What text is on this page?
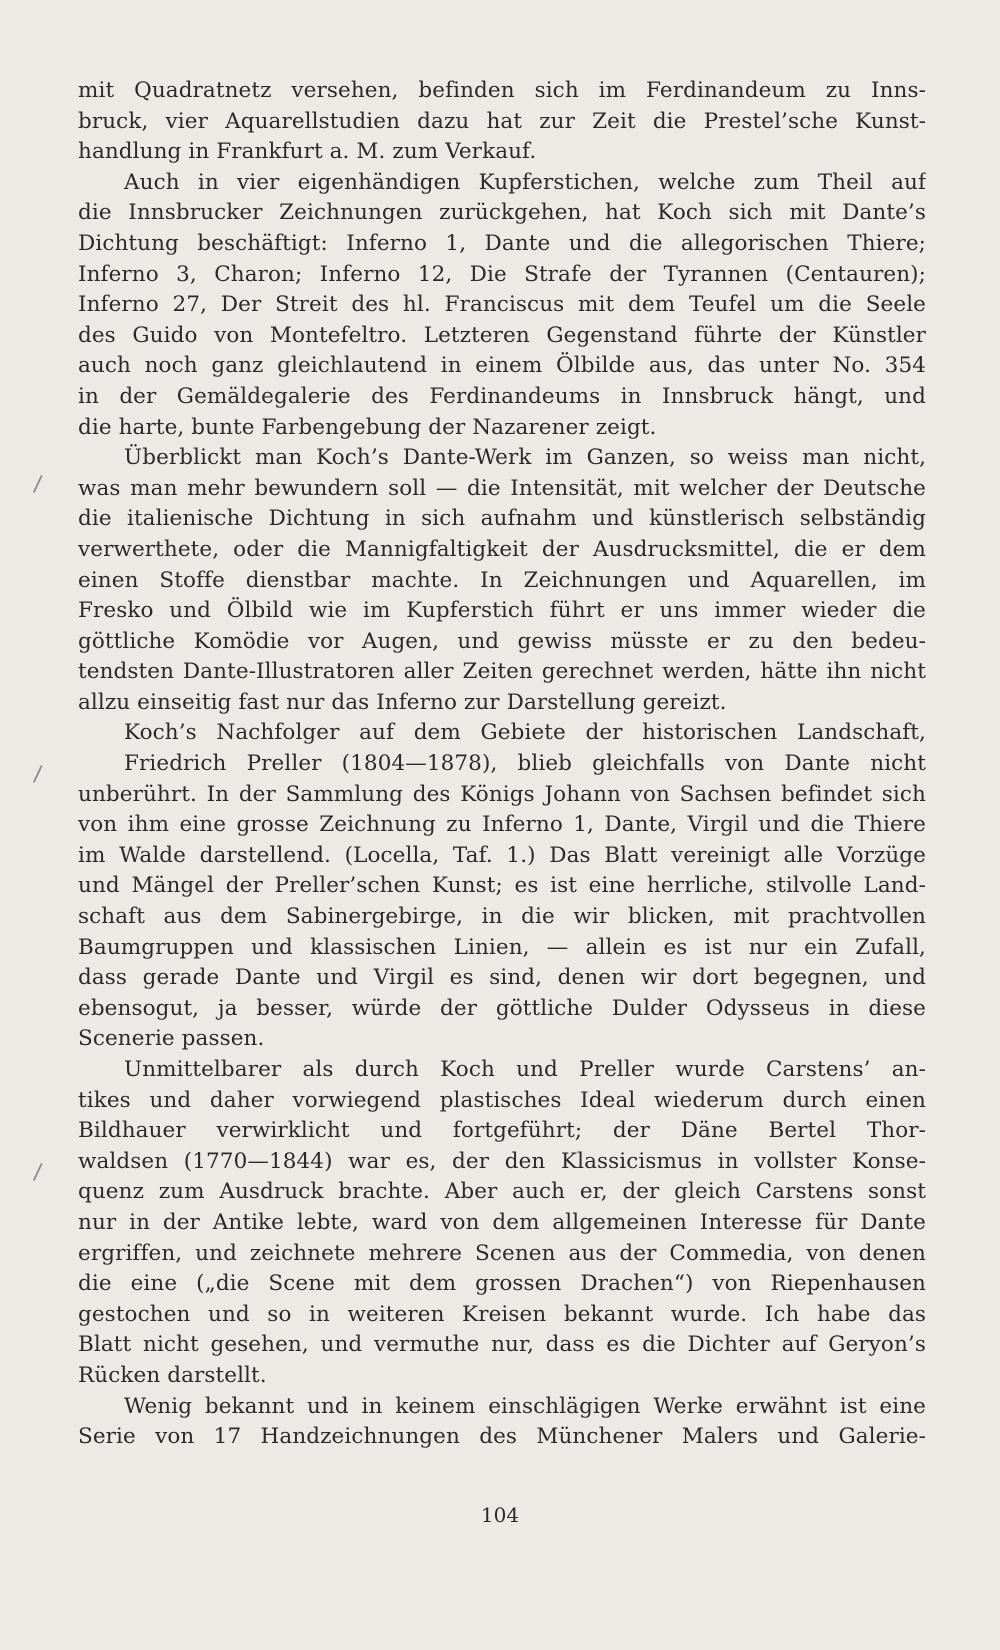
mit Quadratnetz versehen, befinden sich im Ferdinandeum zu Inns-
bruck, vier Aquarellstudien dazu hat zur Zeit die Prestel’sche Kunst-
handlung in Frankfurt a. M. zum Verkauf.
Auch in vier eigenhändigen Kupferstichen, welche zum Theil auf
die Innsbrucker Zeichnungen zurückgehen, hat Koch sich mit Dante’s
Dichtung beschäftigt: Inferno 1, Dante und die allegorischen Thiere;
Inferno 3, Charon; Inferno 12, Die Strafe der Tyrannen (Centauren);
Inferno 27, Der Streit des hl. Franciscus mit dem Teufel um die Seele
des Guido von Montefeltro. Letzteren Gegenstand führte der Künstler
auch noch ganz gleichlautend in einem Ölbilde aus, das unter No. 354
in der Gemäldegalerie des Ferdinandeums in Innsbruck hängt, und
die harte, bunte Farbengebung der Nazarener zeigt.
Überblickt man Koch’s Dante-Werk im Ganzen, so weiss man nicht,
was man mehr bewundern soll — die Intensität, mit welcher der Deutsche
die italienische Dichtung in sich aufnahm und künstlerisch selbständig
verwerthete, oder die Mannigfaltigkeit der Ausdrucksmittel, die er dem
einen Stoffe dienstbar machte. In Zeichnungen und Aquarellen, im
Fresko und Ölbild wie im Kupferstich führt er uns immer wieder die
göttliche Komödie vor Augen, und gewiss müsste er zu den bedeu-
tendsten Dante-Illustratoren aller Zeiten gerechnet werden, hätte ihn nicht
allzu einseitig fast nur das Inferno zur Darstellung gereizt.
Koch’s Nachfolger auf dem Gebiete der historischen Landschaft,
Friedrich Preller (1804—1878), blieb gleichfalls von Dante nicht
unberührt. In der Sammlung des Königs Johann von Sachsen befindet sich
von ihm eine grosse Zeichnung zu Inferno 1, Dante, Virgil und die Thiere
im Walde darstellend. (Locella, Taf. 1.) Das Blatt vereinigt alle Vorzüge
und Mängel der Preller’schen Kunst; es ist eine herrliche, stilvolle Land-
schaft aus dem Sabinergebirge, in die wir blicken, mit prachtvollen
Baumgruppen und klassischen Linien, — allein es ist nur ein Zufall,
dass gerade Dante und Virgil es sind, denen wir dort begegnen, und
ebensogut, ja besser, würde der göttliche Dulder Odysseus in diese
Scenerie passen.
Unmittelbarer als durch Koch und Preller wurde Carstens’ an-
tikes und daher vorwiegend plastisches Ideal wiederum durch einen
Bildhauer verwirklicht und fortgeführt; der Däne Bertel Thor-
waldsen (1770—1844) war es, der den Klassicismus in vollster Konse-
quenz zum Ausdruck brachte. Aber auch er, der gleich Carstens sonst
nur in der Antike lebte, ward von dem allgemeinen Interesse für Dante
ergriffen, und zeichnete mehrere Scenen aus der Commedia, von denen
die eine („die Scene mit dem grossen Drachen“) von Riepenhausen
gestochen und so in weiteren Kreisen bekannt wurde. Ich habe das
Blatt nicht gesehen, und vermuthe nur, dass es die Dichter auf Geryon’s
Rücken darstellt.
Wenig bekannt und in keinem einschlägigen Werke erwähnt ist eine
Serie von 17 Handzeichnungen des Münchener Malers und Galerie-
/
/
/
104
